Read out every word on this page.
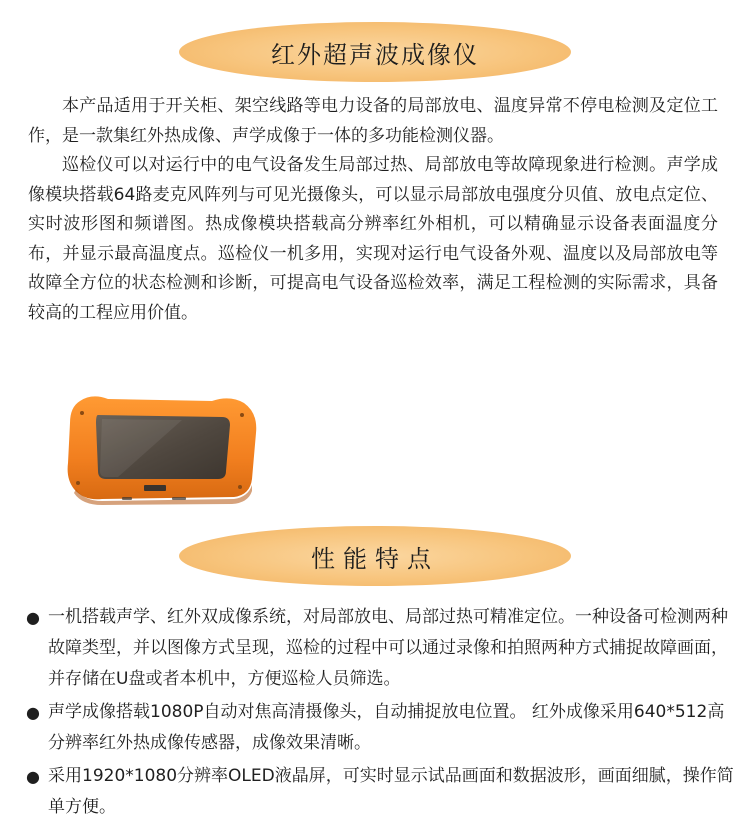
红外超声波成像仪

本产品适用于开关柜、架空线路等电力设备的局部放电、温度异常不停电检测及定位工作，是一款集红外热成像、声学成像于一体的多功能检测仪器。

巡检仪可以对运行中的电气设备发生局部过热、局部放电等故障现象进行检测。声学成像模块搭载64路麦克风阵列与可见光摄像头，可以显示局部放电强度分贝值、放电点定位、实时波形图和频谱图。热成像模块搭载高分辨率红外相机，可以精确显示设备表面温度分布，并显示最高温度点。巡检仪一机多用，实现对运行电气设备外观、温度以及局部放电等故障全方位的状态检测和诊断，可提高电气设备巡检效率，满足工程检测的实际需求，具备较高的工程应用价值。

性能特点
● 一机搭载声学、红外双成像系统，对局部放电、局部过热可精准定位。一种设备可检测两种故障类型，并以图像方式呈现，巡检的过程中可以通过录像和拍照两种方式捕捉故障画面，并存储在U盘或者本机中，方便巡检人员筛选。
● 声学成像搭载1080P自动对焦高清摄像头，自动捕捉放电位置。 红外成像采用640*512高分辨率红外热成像传感器，成像效果清晰。
● 采用1920*1080分辨率OLED液晶屏，可实时显示试品画面和数据波形，画面细腻，操作简单方便。
